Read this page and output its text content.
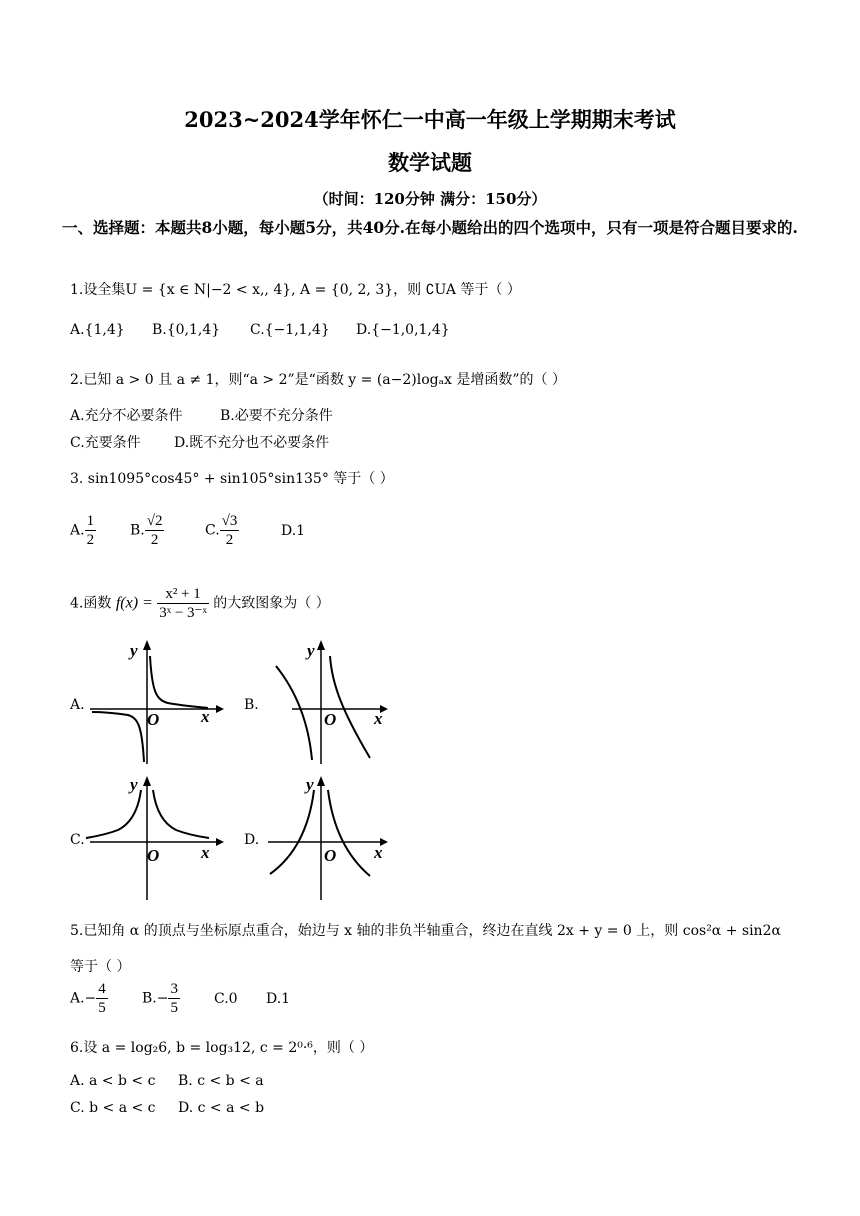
2023~2024学年怀仁一中高一年级上学期期末考试
数学试题
（时间：120分钟 满分：150分）
一、选择题：本题共8小题，每小题5分，共40分.在每小题给出的四个选项中，只有一项是符合题目要求的.
1.设全集U = {x ∈ N|−2 < x,, 4}, A = {0, 2, 3}，则 ∁UA 等于（ ）
A.{1,4} B.{0,1,4} C.{−1,1,4} D.{−1,0,1,4}
2.已知 a > 0 且 a ≠ 1，则“a > 2”是“函数 y = (a−2)logₐx 是增函数”的（ ）
A.充分不必要条件	B.必要不充分条件
C.充要条件 D.既不充分也不必要条件
3. sin1095°cos45° + sin105°sin135° 等于（ ）
A. $\frac{1}{2} B$. $\frac{√2}{2}$	C. $\frac{√3}{2}$	D.1
4.函数 $f(x) = \frac{\text{x² + 1}}{\text{3ˣ − 3⁻ˣ}}$ 的大致图象为（ ）
A.	B.
C.	D.
y
x
O
y
x
O
y
x
O
y
x
O
5.已知角 α 的顶点与坐标原点重合，始边与 x 轴的非负半轴重合，终边在直线 2x + y = 0 上，则 cos²α + sin2α
等于（ ）
$A.- \frac{4}{5} B.- \frac{3}{5} C.0$ D.1
6.设 a = log₂6, b = log₃12, c = 2⁰·⁶，则（ ）
A. a < b < c B. c < b < a
C. b < a < c D. c < a < b
